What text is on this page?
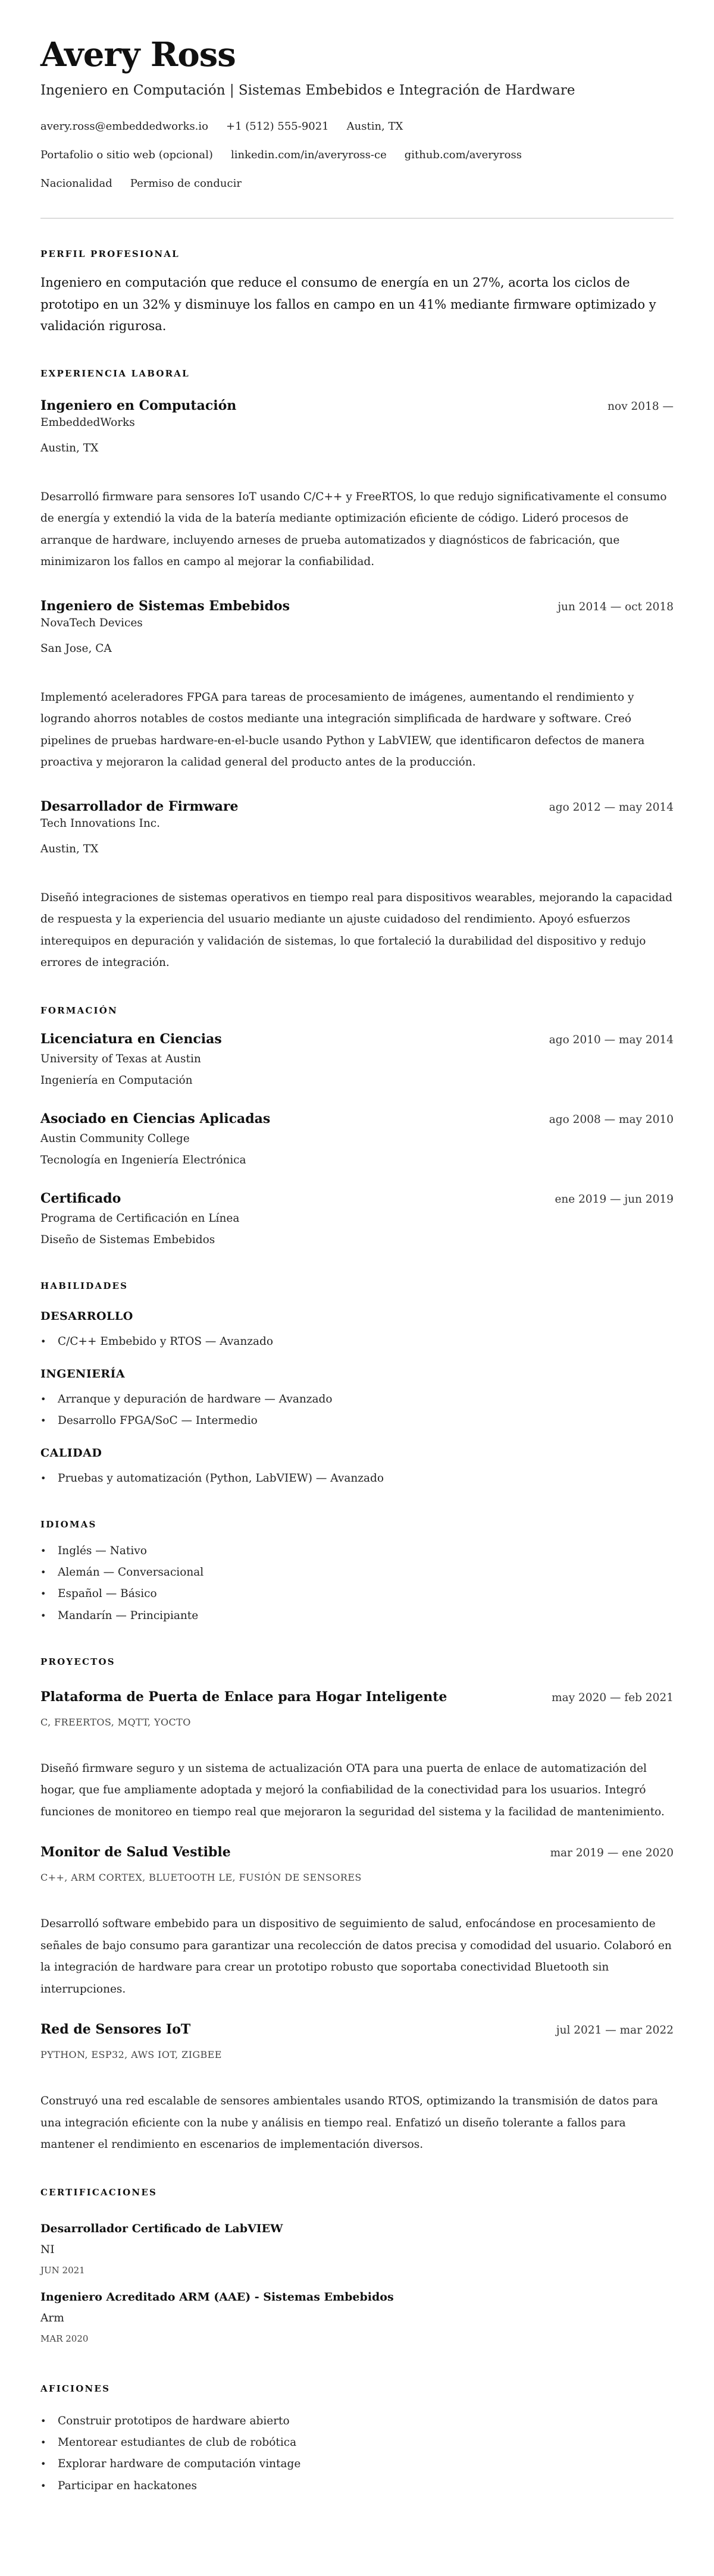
Avery Ross
Ingeniero en Computación | Sistemas Embebidos e Integración de Hardware
avery.ross@embeddedworks.io +1 (512) 555-9021 Austin, TX
Portafolio o sitio web (opcional) linkedin.com/in/averyross-ce github.com/averyross
Nacionalidad Permiso de conducir
PERFIL PROFESIONAL

Ingeniero en computación que reduce el consumo de energía en un 27%, acorta los ciclos de prototipo en un 32% y disminuye los fallos en campo en un 41% mediante firmware optimizado y validación rigurosa.

EXPERIENCIA LABORAL
Ingeniero en Computación	nov 2018 —
EmbeddedWorks
Austin, TX

Desarrolló firmware para sensores IoT usando C/C++ y FreeRTOS, lo que redujo significativamente el consumo de energía y extendió la vida de la batería mediante optimización eficiente de código. Lideró procesos de arranque de hardware, incluyendo arneses de prueba automatizados y diagnósticos de fabricación, que minimizaron los fallos en campo al mejorar la confiabilidad.

Ingeniero de Sistemas Embebidos	jun 2014 — oct 2018
NovaTech Devices
San Jose, CA

Implementó aceleradores FPGA para tareas de procesamiento de imágenes, aumentando el rendimiento y logrando ahorros notables de costos mediante una integración simplificada de hardware y software. Creó pipelines de pruebas hardware-en-el-bucle usando Python y LabVIEW, que identificaron defectos de manera proactiva y mejoraron la calidad general del producto antes de la producción.

Desarrollador de Firmware	ago 2012 — may 2014
Tech Innovations Inc.
Austin, TX

Diseñó integraciones de sistemas operativos en tiempo real para dispositivos wearables, mejorando la capacidad de respuesta y la experiencia del usuario mediante un ajuste cuidadoso del rendimiento. Apoyó esfuerzos interequipos en depuración y validación de sistemas, lo que fortaleció la durabilidad del dispositivo y redujo errores de integración.

FORMACIÓN
Licenciatura en Ciencias	ago 2010 — may 2014
University of Texas at Austin
Ingeniería en Computación
Asociado en Ciencias Aplicadas	ago 2008 — may 2010
Austin Community College
Tecnología en Ingeniería Electrónica
Certificado	ene 2019 — jun 2019
Programa de Certificación en Línea
Diseño de Sistemas Embebidos
HABILIDADES
DESARROLLO
• C/C++ Embebido y RTOS — Avanzado
INGENIERÍA
• Arranque y depuración de hardware — Avanzado
• Desarrollo FPGA/SoC — Intermedio
CALIDAD
• Pruebas y automatización (Python, LabVIEW) — Avanzado
IDIOMAS
• Inglés — Nativo
• Alemán — Conversacional
• Español — Básico
• Mandarín — Principiante
PROYECTOS
Plataforma de Puerta de Enlace para Hogar Inteligente	may 2020 — feb 2021
C, FREERTOS, MQTT, YOCTO

Diseñó firmware seguro y un sistema de actualización OTA para una puerta de enlace de automatización del hogar, que fue ampliamente adoptada y mejoró la confiabilidad de la conectividad para los usuarios. Integró funciones de monitoreo en tiempo real que mejoraron la seguridad del sistema y la facilidad de mantenimiento.

Monitor de Salud Vestible	mar 2019 — ene 2020
C++, ARM CORTEX, BLUETOOTH LE, FUSIÓN DE SENSORES

Desarrolló software embebido para un dispositivo de seguimiento de salud, enfocándose en procesamiento de señales de bajo consumo para garantizar una recolección de datos precisa y comodidad del usuario. Colaboró en la integración de hardware para crear un prototipo robusto que soportaba conectividad Bluetooth sin interrupciones.

Red de Sensores IoT	jul 2021 — mar 2022
PYTHON, ESP32, AWS IOT, ZIGBEE

Construyó una red escalable de sensores ambientales usando RTOS, optimizando la transmisión de datos para una integración eficiente con la nube y análisis en tiempo real. Enfatizó un diseño tolerante a fallos para mantener el rendimiento en escenarios de implementación diversos.

CERTIFICACIONES
Desarrollador Certificado de LabVIEW
NI
JUN 2021
Ingeniero Acreditado ARM (AAE) - Sistemas Embebidos
Arm
MAR 2020
AFICIONES
• Construir prototipos de hardware abierto
• Mentorear estudiantes de club de robótica
• Explorar hardware de computación vintage
• Participar en hackatones
